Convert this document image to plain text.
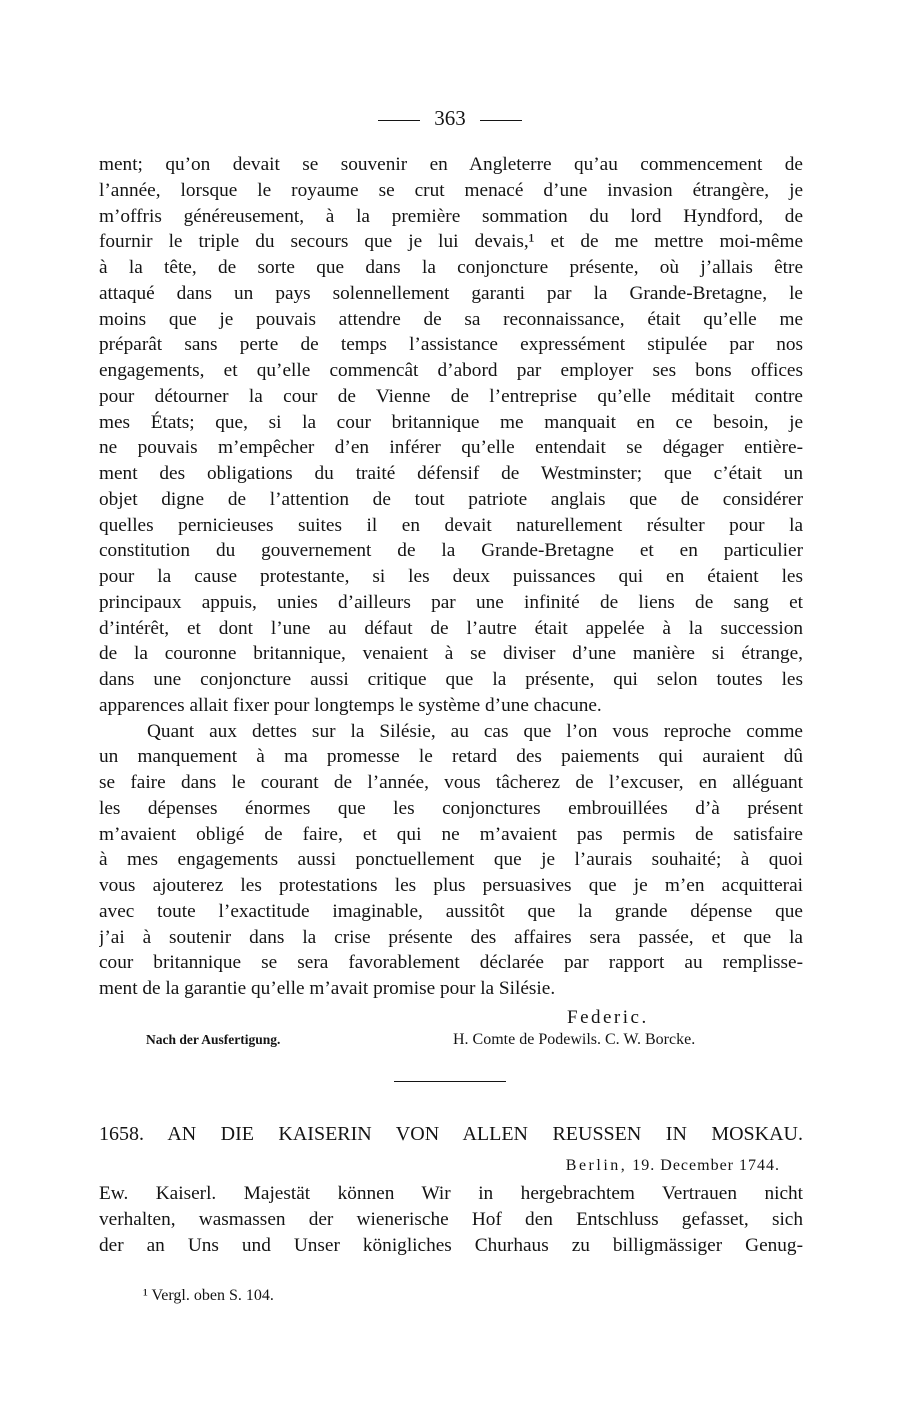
363
ment; qu’on devait se souvenir en Angleterre qu’au commencement de
l’année, lorsque le royaume se crut menacé d’une invasion étrangère, je
m’offris généreusement, à la première sommation du lord Hyndford, de
fournir le triple du secours que je lui devais,¹ et de me mettre moi-même
à la tête, de sorte que dans la conjoncture présente, où j’allais être
attaqué dans un pays solennellement garanti par la Grande-Bretagne, le
moins que je pouvais attendre de sa reconnaissance, était qu’elle me
préparât sans perte de temps l’assistance expressément stipulée par nos
engagements, et qu’elle commencât d’abord par employer ses bons offices
pour détourner la cour de Vienne de l’entreprise qu’elle méditait contre
mes États; que, si la cour britannique me manquait en ce besoin, je
ne pouvais m’empêcher d’en inférer qu’elle entendait se dégager entière-
ment des obligations du traité défensif de Westminster; que c’était un
objet digne de l’attention de tout patriote anglais que de considérer
quelles pernicieuses suites il en devait naturellement résulter pour la
constitution du gouvernement de la Grande-Bretagne et en particulier
pour la cause protestante, si les deux puissances qui en étaient les
principaux appuis, unies d’ailleurs par une infinité de liens de sang et
d’intérêt, et dont l’une au défaut de l’autre était appelée à la succession
de la couronne britannique, venaient à se diviser d’une manière si étrange,
dans une conjoncture aussi critique que la présente, qui selon toutes les
apparences allait fixer pour longtemps le système d’une chacune.
Quant aux dettes sur la Silésie, au cas que l’on vous reproche comme
un manquement à ma promesse le retard des paiements qui auraient dû
se faire dans le courant de l’année, vous tâcherez de l’excuser, en alléguant
les dépenses énormes que les conjonctures embrouillées d’à présent
m’avaient obligé de faire, et qui ne m’avaient pas permis de satisfaire
à mes engagements aussi ponctuellement que je l’aurais souhaité; à quoi
vous ajouterez les protestations les plus persuasives que je m’en acquitterai
avec toute l’exactitude imaginable, aussitôt que la grande dépense que
j’ai à soutenir dans la crise présente des affaires sera passée, et que la
cour britannique se sera favorablement déclarée par rapport au remplisse-
ment de la garantie qu’elle m’avait promise pour la Silésie.
Federic.
Nach der Ausfertigung.	H. Comte de Podewils. C. W. Borcke.
1658. AN DIE KAISERIN VON ALLEN REUSSEN IN MOSKAU.
Berlin, 19. December 1744.
Ew. Kaiserl. Majestät können Wir in hergebrachtem Vertrauen nicht
verhalten, wasmassen der wienerische Hof den Entschluss gefasset, sich
der an Uns und Unser königliches Churhaus zu billigmässiger Genug-
¹ Vergl. oben S. 104.
